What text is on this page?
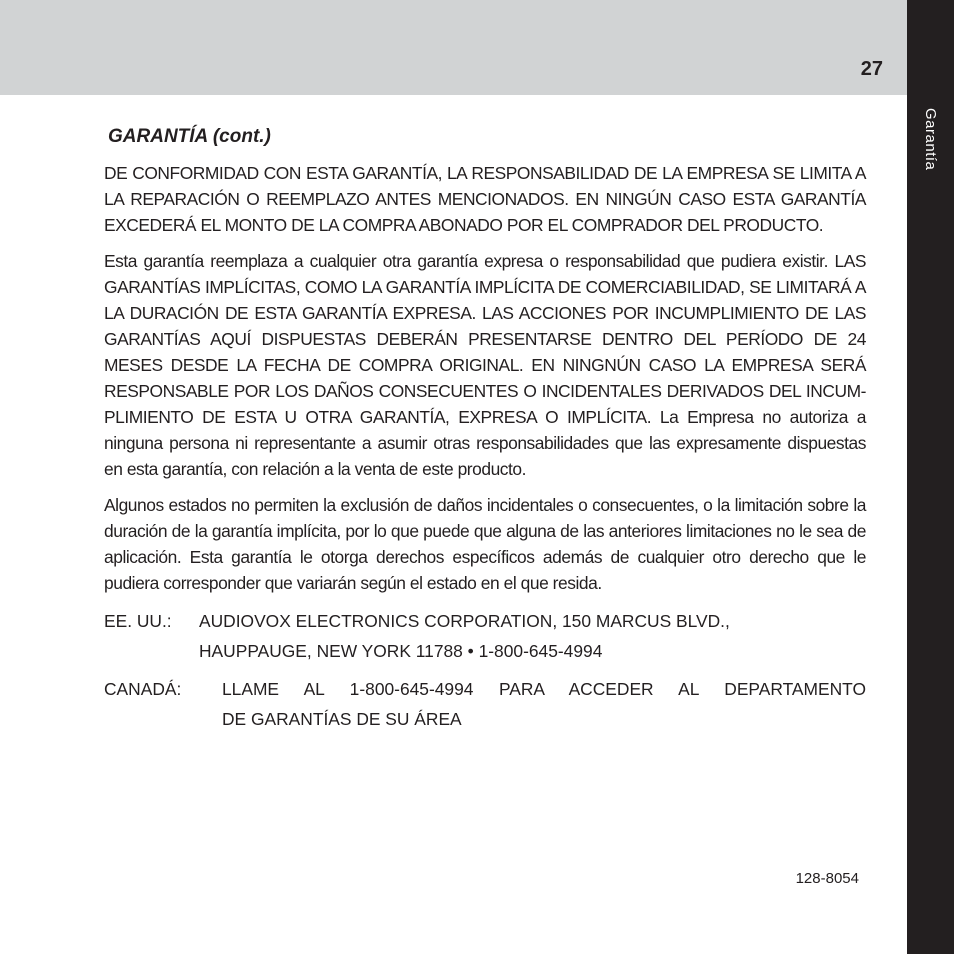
27
Garantía
GARANTÍA (cont.)

DE CONFORMIDAD CON ESTA GARANTÍA, LA RESPONSABILIDAD DE LA EMPRESA SE LIMITA A LA REPARACIÓN O REEMPLAZO ANTES MENCIONADOS. EN NINGÚN CASO ESTA GARANTÍA EXCEDERÁ EL MONTO DE LA COMPRA ABONADO POR EL COMPRADOR DEL PRODUCTO.

Esta garantía reemplaza a cualquier otra garantía expresa o responsabilidad que pudiera existir. LAS GARANTÍAS IMPLÍCITAS, COMO LA GARANTÍA IMPLÍCITA DE COMERCIABILIDAD, SE LIMITARÁ A LA DURACIÓN DE ESTA GARANTÍA EXPRESA. LAS ACCIONES POR INCUMPLIMIENTO DE LAS GARANTÍAS AQUÍ DISPUESTAS DEBERÁN PRESENTARSE DENTRO DEL PERÍODO DE 24 MESES DESDE LA FECHA DE COMPRA ORIGINAL. EN NINGNÚN CASO LA EMPRESA SERÁ RESPONSABLE POR LOS DAÑOS CONSECUENTES O INCIDENTALES DERIVADOS DEL INCUM-PLIMIENTO DE ESTA U OTRA GARANTÍA, EXPRESA O IMPLÍCITA. La Empresa no autoriza a ninguna persona ni representante a asumir otras responsabilidades que las expresamente dispuestas en esta garantía, con relación a la venta de este producto.

Algunos estados no permiten la exclusión de daños incidentales o consecuentes, o la limitación sobre la duración de la garantía implícita, por lo que puede que alguna de las anteriores limitaciones no le sea de aplicación. Esta garantía le otorga derechos específicos además de cualquier otro derecho que le pudiera corresponder que variarán según el estado en el que resida.

EE. UU.:	AUDIOVOX ELECTRONICS CORPORATION, 150 MARCUS BLVD.,
HAUPPAUGE, NEW YORK 11788 • 1-800-645-4994
CANADÁ:	LLAME AL 1-800-645-4994 PARA ACCEDER AL DEPARTAMENTO
DE GARANTÍAS DE SU ÁREA
128-8054
